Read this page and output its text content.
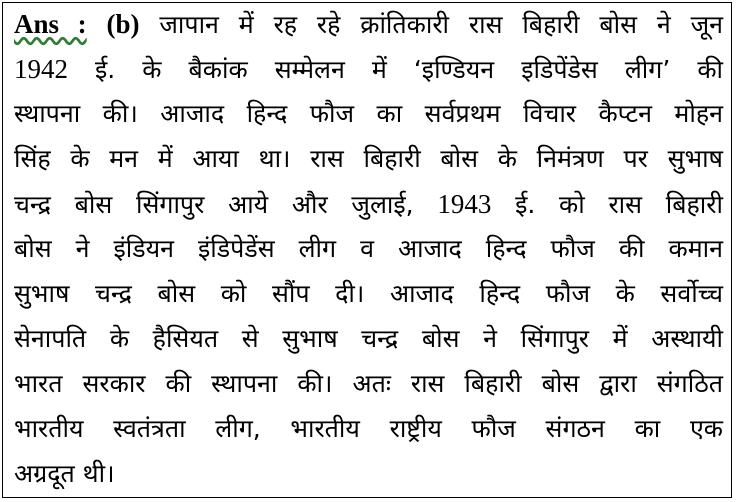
Ans : (b) जापान में रह रहे क्रांतिकारी रास बिहारी बोस ने जून
1942 ई. के बैकांक सम्मेलन में ‘इण्डियन इडिपेंडेस लीग’ की
स्थापना की। आजाद हिन्द फौज का सर्वप्रथम विचार कैप्टन मोहन
सिंह के मन में आया था। रास बिहारी बोस के निमंत्रण पर सुभाष
चन्द्र बोस सिंगापुर आये और जुलाई, 1943 ई. को रास बिहारी
बोस ने इंडियन इंडिपेडेंस लीग व आजाद हिन्द फौज की कमान
सुभाष चन्द्र बोस को सौंप दी। आजाद हिन्द फौज के सर्वोच्च
सेनापति के हैसियत से सुभाष चन्द्र बोस ने सिंगापुर में अस्थायी
भारत सरकार की स्थापना की। अतः रास बिहारी बोस द्वारा संगठित
भारतीय स्वतंत्रता लीग, भारतीय राष्ट्रीय फौज संगठन का एक
अग्रदूत थी।
